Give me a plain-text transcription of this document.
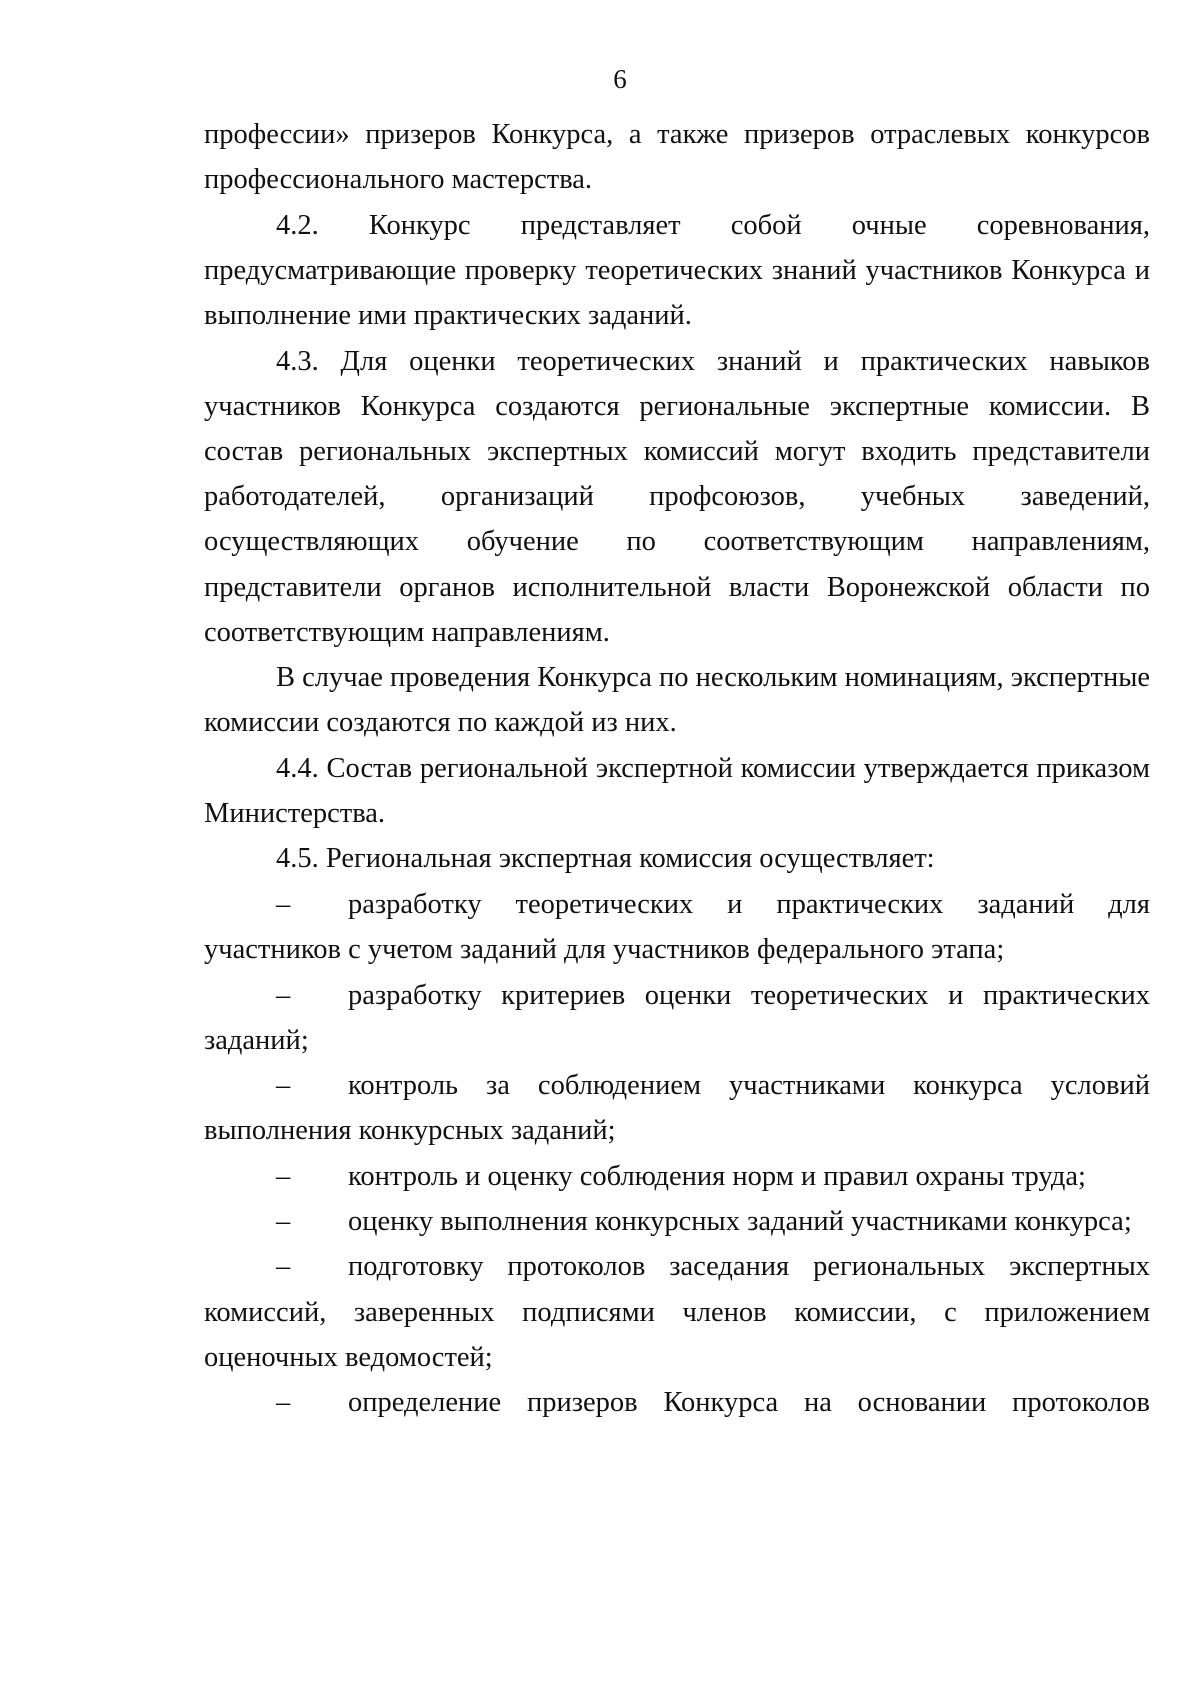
6
профессии» призеров Конкурса, а также призеров отраслевых конкурсов
профессионального мастерства.
4.2. Конкурс представляет собой очные соревнования,
предусматривающие проверку теоретических знаний участников Конкурса и
выполнение ими практических заданий.
4.3. Для оценки теоретических знаний и практических навыков
участников Конкурса создаются региональные экспертные комиссии. В
состав региональных экспертных комиссий могут входить представители
работодателей, организаций профсоюзов, учебных заведений,
осуществляющих обучение по соответствующим направлениям,
представители органов исполнительной власти Воронежской области по
соответствующим направлениям.
В случае проведения Конкурса по нескольким номинациям, экспертные
комиссии создаются по каждой из них.
4.4. Состав региональной экспертной комиссии утверждается приказом
Министерства.
4.5. Региональная экспертная комиссия осуществляет:
– разработку теоретических и практических заданий для
участников с учетом заданий для участников федерального этапа;
– разработку критериев оценки теоретических и практических
заданий;
– контроль за соблюдением участниками конкурса условий
выполнения конкурсных заданий;
– контроль и оценку соблюдения норм и правил охраны труда;
– оценку выполнения конкурсных заданий участниками конкурса;
– подготовку протоколов заседания региональных экспертных
комиссий, заверенных подписями членов комиссии, с приложением
оценочных ведомостей;
– определение призеров Конкурса на основании протоколов
